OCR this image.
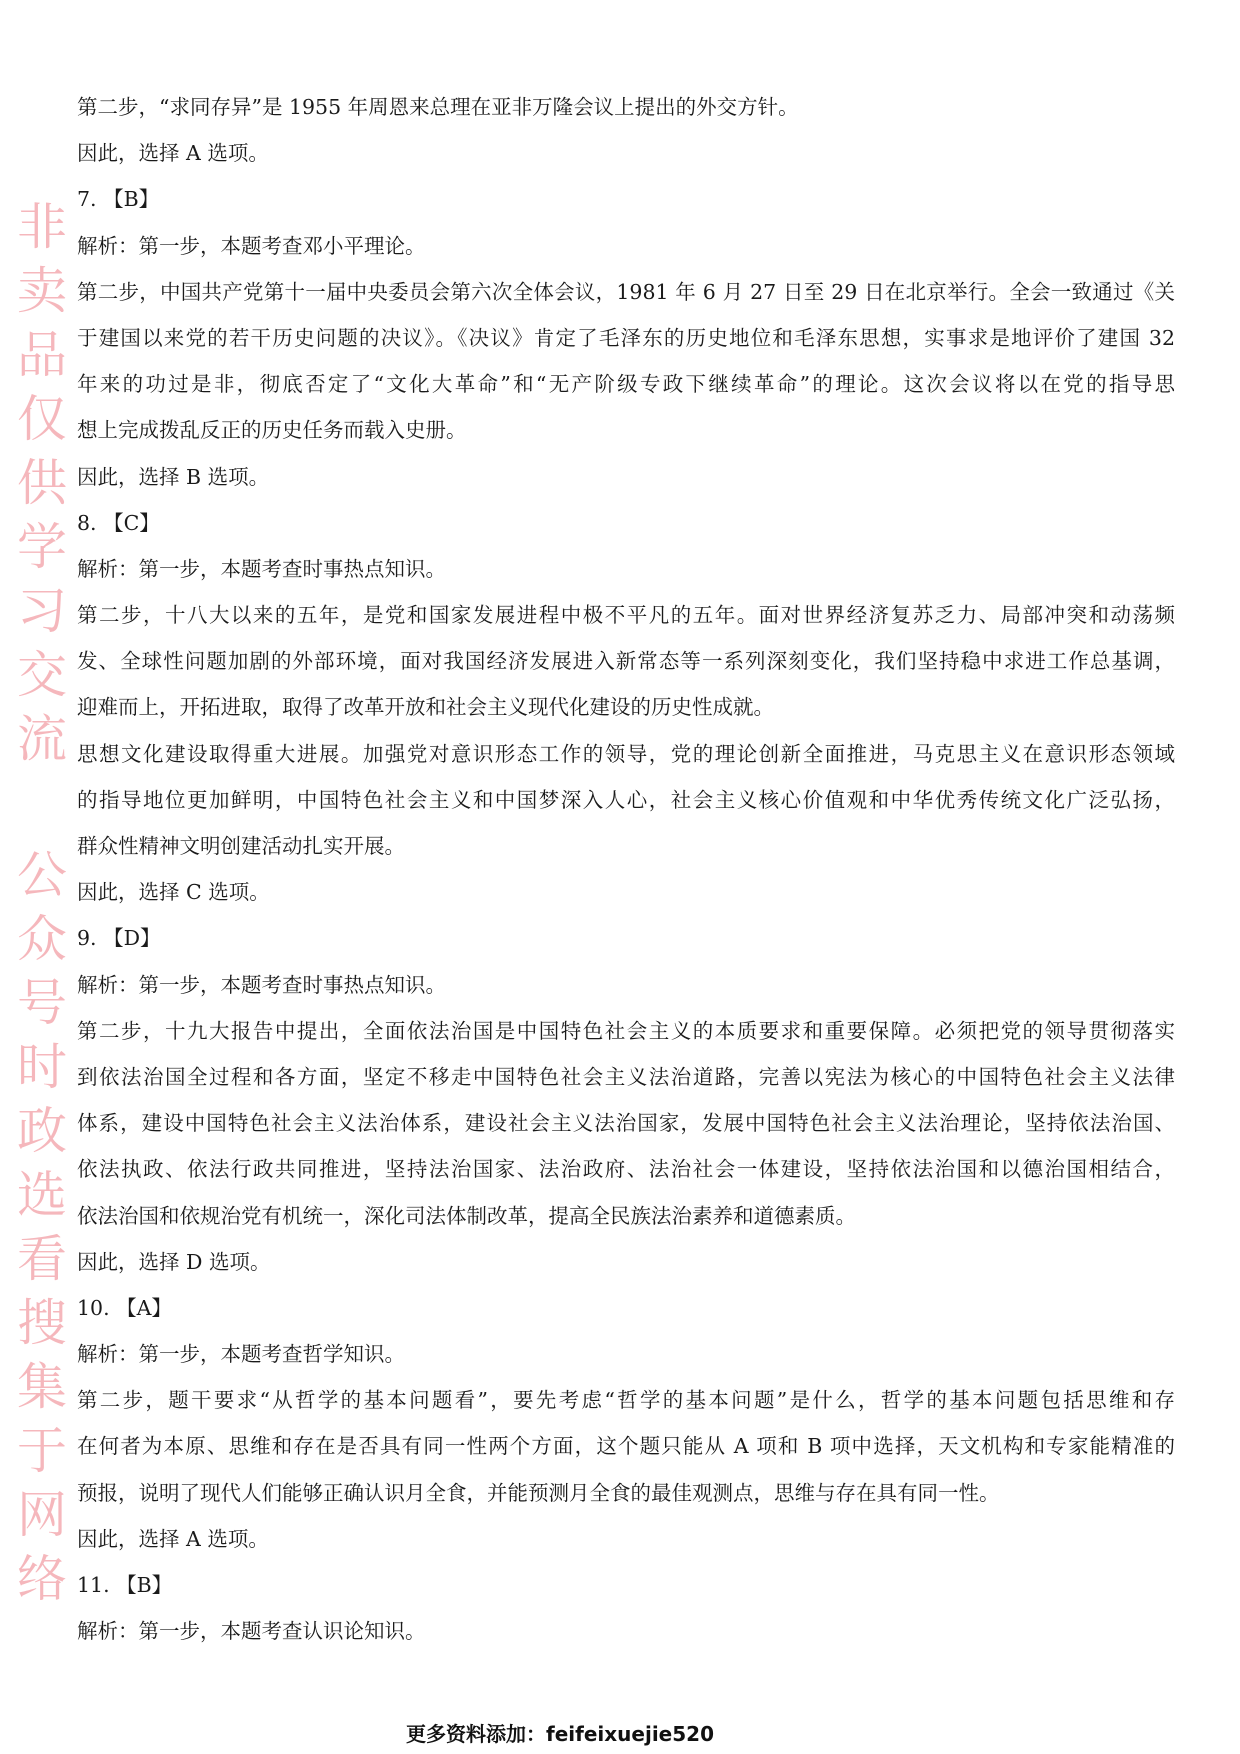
非卖品仅供学习交流 公众号时政选看搜集于网络
第二步，“求同存异”是 1955 年周恩来总理在亚非万隆会议上提出的外交方针。
因此，选择 A 选项。
7. 【B】
解析：第一步，本题考查邓小平理论。
第二步，中国共产党第十一届中央委员会第六次全体会议，1981 年 6 月 27 日至 29 日在北京举行。全会一致通过《关
于建国以来党的若干历史问题的决议》。《决议》肯定了毛泽东的历史地位和毛泽东思想，实事求是地评价了建国 32
年来的功过是非，彻底否定了“文化大革命”和“无产阶级专政下继续革命”的理论。这次会议将以在党的指导思
想上完成拨乱反正的历史任务而载入史册。
因此，选择 B 选项。
8. 【C】
解析：第一步，本题考查时事热点知识。
第二步，十八大以来的五年，是党和国家发展进程中极不平凡的五年。面对世界经济复苏乏力、局部冲突和动荡频
发、全球性问题加剧的外部环境，面对我国经济发展进入新常态等一系列深刻变化，我们坚持稳中求进工作总基调，
迎难而上，开拓进取，取得了改革开放和社会主义现代化建设的历史性成就。
思想文化建设取得重大进展。加强党对意识形态工作的领导，党的理论创新全面推进，马克思主义在意识形态领域
的指导地位更加鲜明，中国特色社会主义和中国梦深入人心，社会主义核心价值观和中华优秀传统文化广泛弘扬，
群众性精神文明创建活动扎实开展。
因此，选择 C 选项。
9. 【D】
解析：第一步，本题考查时事热点知识。
第二步，十九大报告中提出，全面依法治国是中国特色社会主义的本质要求和重要保障。必须把党的领导贯彻落实
到依法治国全过程和各方面，坚定不移走中国特色社会主义法治道路，完善以宪法为核心的中国特色社会主义法律
体系，建设中国特色社会主义法治体系，建设社会主义法治国家，发展中国特色社会主义法治理论，坚持依法治国、
依法执政、依法行政共同推进，坚持法治国家、法治政府、法治社会一体建设，坚持依法治国和以德治国相结合，
依法治国和依规治党有机统一，深化司法体制改革，提高全民族法治素养和道德素质。
因此，选择 D 选项。
10. 【A】
解析：第一步，本题考查哲学知识。
第二步，题干要求“从哲学的基本问题看”，要先考虑“哲学的基本问题”是什么，哲学的基本问题包括思维和存
在何者为本原、思维和存在是否具有同一性两个方面，这个题只能从 A 项和 B 项中选择，天文机构和专家能精准的
预报，说明了现代人们能够正确认识月全食，并能预测月全食的最佳观测点，思维与存在具有同一性。
因此，选择 A 选项。
11. 【B】
解析：第一步，本题考查认识论知识。
更多资料添加：feifeixuejie520
